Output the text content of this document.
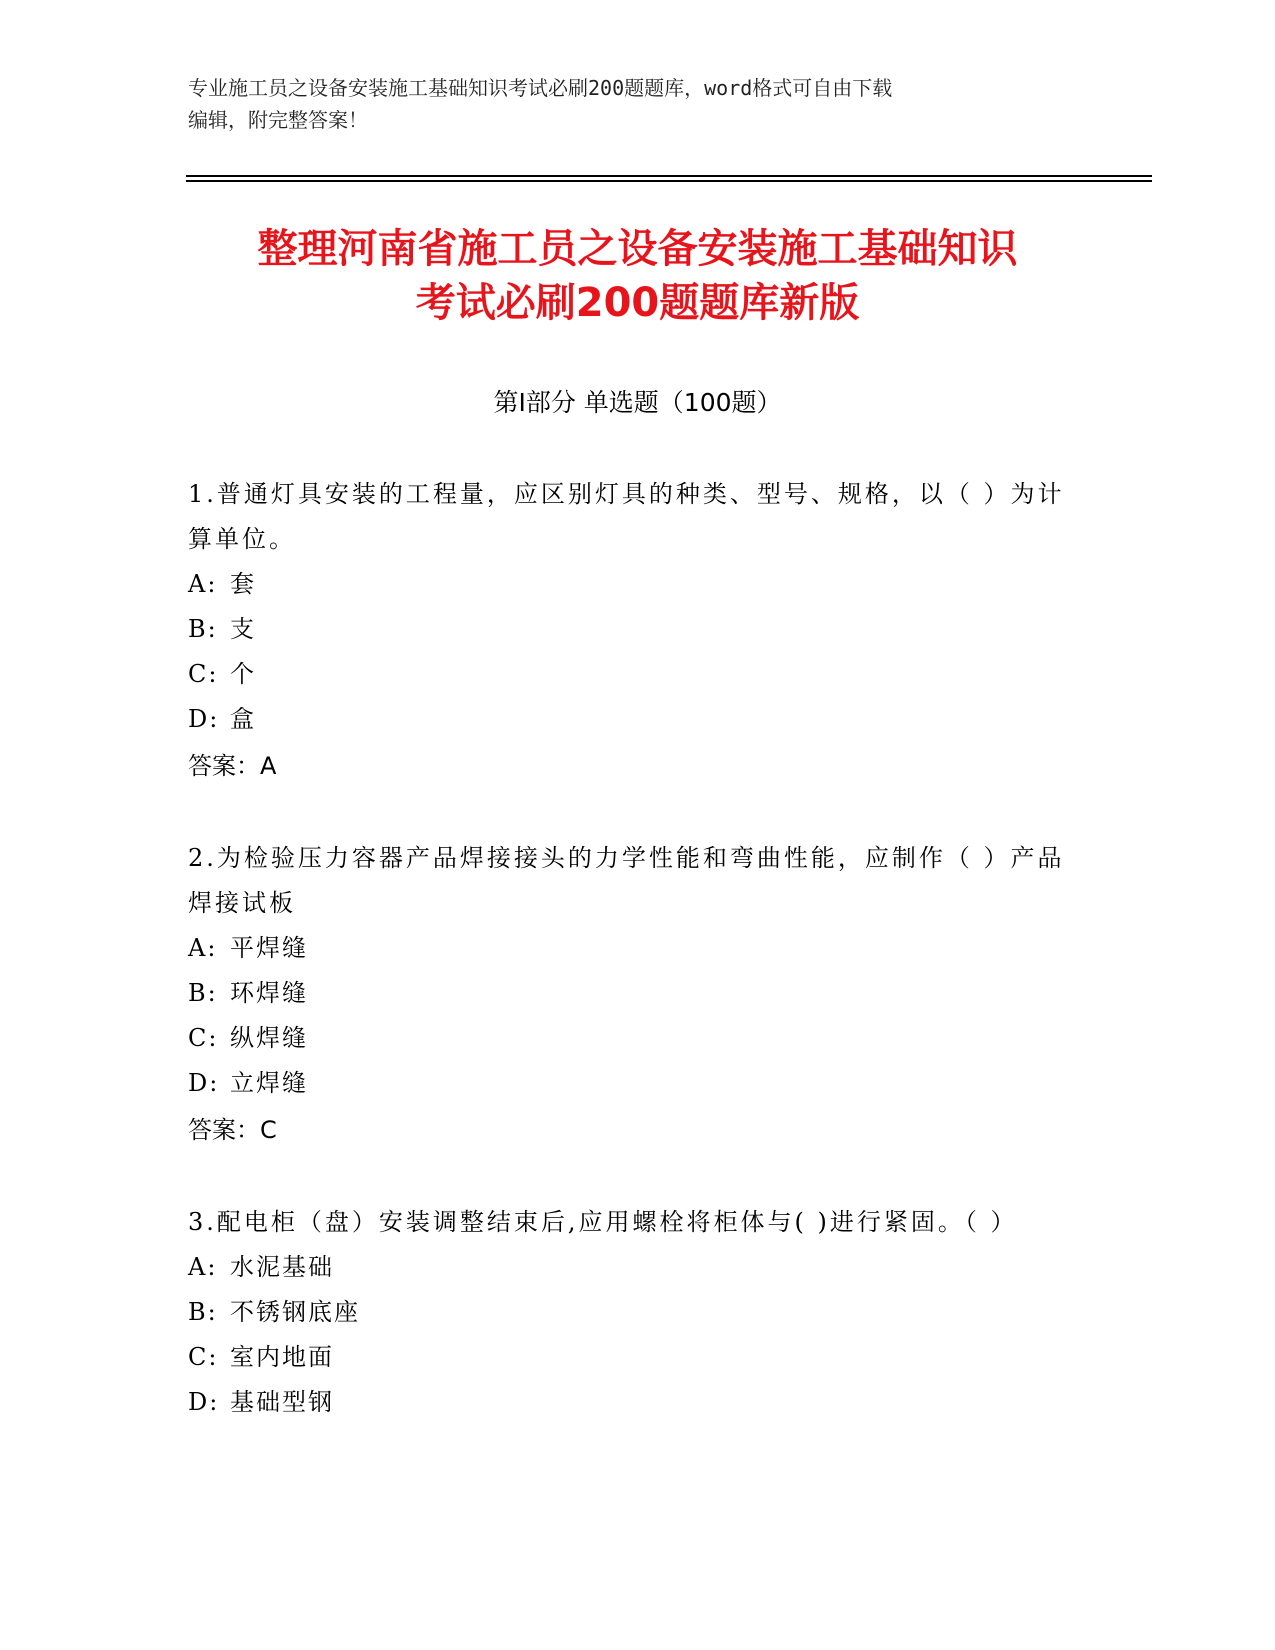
专业施工员之设备安装施工基础知识考试必刷200题题库，word格式可自由下载
编辑，附完整答案！
整理河南省施工员之设备安装施工基础知识
考试必刷200题题库新版
第I部分 单选题（100题）
1.普通灯具安装的工程量，应区别灯具的种类、型号、规格，以（ ）为计算单位。
A: 套
B: 支
C: 个
D: 盒
答案：A
2.为检验压力容器产品焊接接头的力学性能和弯曲性能，应制作（ ）产品焊接试板
A: 平焊缝
B: 环焊缝
C: 纵焊缝
D: 立焊缝
答案：C
3.配电柜（盘）安装调整结束后,应用螺栓将柜体与( )进行紧固。（ ）
A: 水泥基础
B: 不锈钢底座
C: 室内地面
D: 基础型钢
